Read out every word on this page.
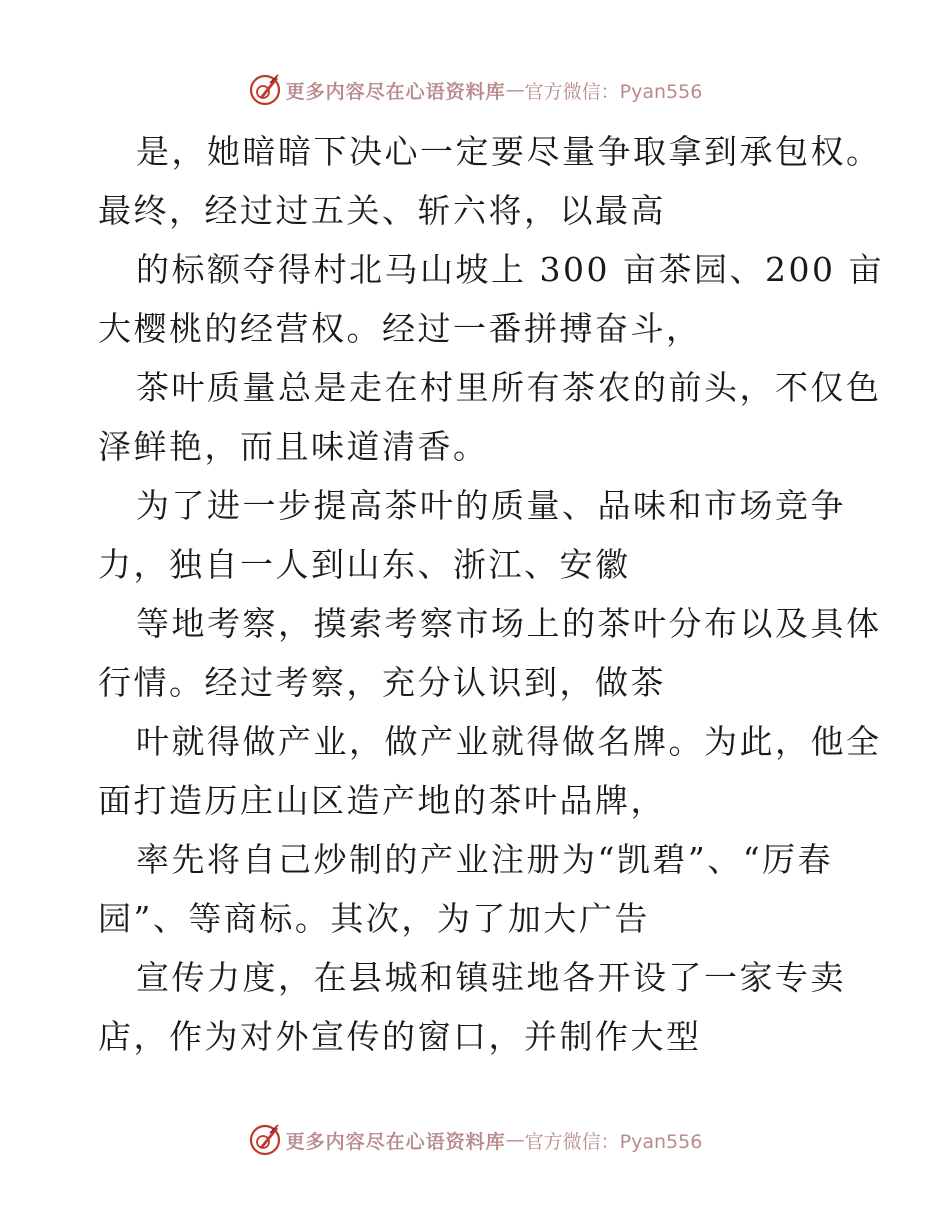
更多内容尽在心语资料库 — 官方微信：Pyan556
是，她暗暗下决心一定要尽量争取拿到承包权。
最终，经过过五关、斩六将，以最高
的标额夺得村北马山坡上 300 亩茶园、200 亩
大樱桃的经营权。经过一番拼搏奋斗，
茶叶质量总是走在村里所有茶农的前头，不仅色
泽鲜艳，而且味道清香。
为了进一步提高茶叶的质量、品味和市场竞争
力，独自一人到山东、浙江、安徽
等地考察，摸索考察市场上的茶叶分布以及具体
行情。经过考察，充分认识到，做茶
叶就得做产业，做产业就得做名牌。为此，他全
面打造历庄山区造产地的茶叶品牌，
率先将自己炒制的产业注册为“凯碧”、“厉春
园”、等商标。其次，为了加大广告
宣传力度，在县城和镇驻地各开设了一家专卖
店，作为对外宣传的窗口，并制作大型
更多内容尽在心语资料库 — 官方微信：Pyan556
